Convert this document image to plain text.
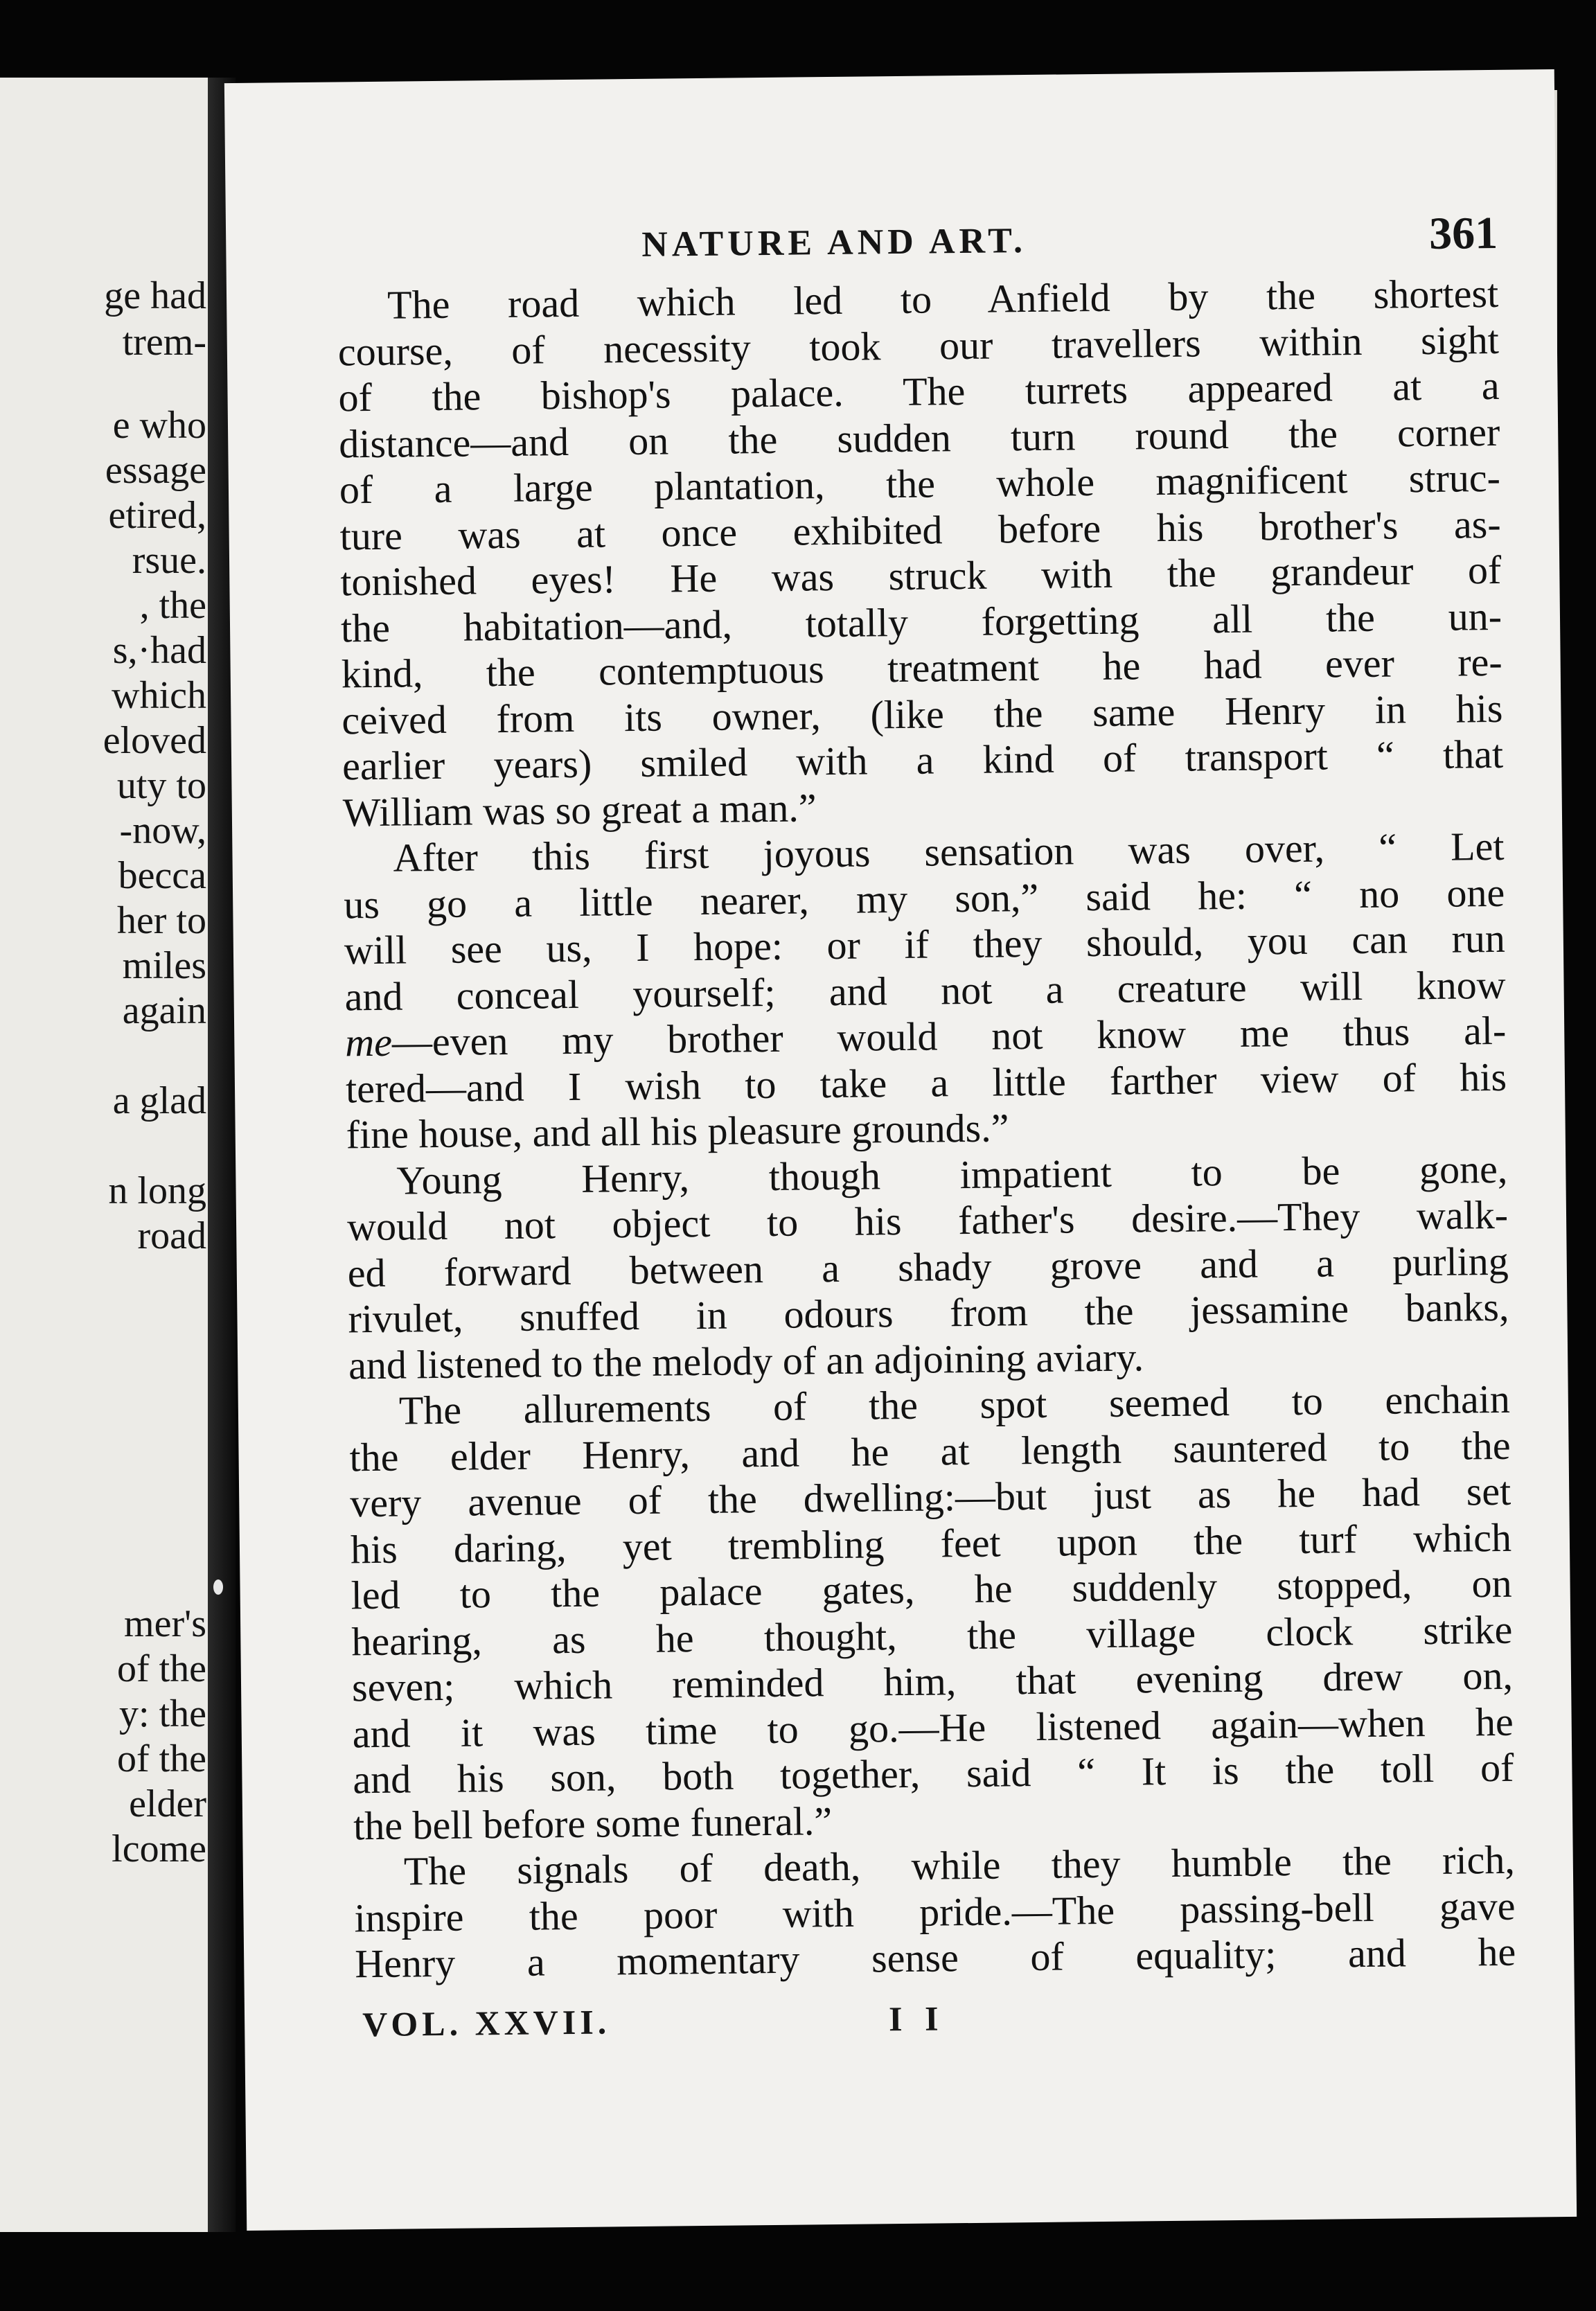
ge had
trem-
e who
essage
etired,
rsue.
, the
s,·had
which
eloved
uty to
-now,
becca
her to
miles
again
a glad
n long
road
mer's
of the
y: the
of the
elder
lcome
NATURE AND ART.	361
The road which led to Anfield by the shortest
course, of necessity took our travellers within sight
of the bishop's palace. The turrets appeared at a
distance—and on the sudden turn round the corner
of a large plantation, the whole magnificent struc-
ture was at once exhibited before his brother's as-
tonished eyes! He was struck with the grandeur of
the habitation—and, totally forgetting all the un-
kind, the contemptuous treatment he had ever re-
ceived from its owner, (like the same Henry in his
earlier years) smiled with a kind of transport “ that
William was so great a man.”
After this first joyous sensation was over, “ Let
us go a little nearer, my son,” said he: “ no one
will see us, I hope: or if they should, you can run
and conceal yourself; and not a creature will know
me—even my brother would not know me thus al-
tered—and I wish to take a little farther view of his
fine house, and all his pleasure grounds.”
Young Henry, though impatient to be gone,
would not object to his father's desire.—They walk-
ed forward between a shady grove and a purling
rivulet, snuffed in odours from the jessamine banks,
and listened to the melody of an adjoining aviary.
The allurements of the spot seemed to enchain
the elder Henry, and he at length sauntered to the
very avenue of the dwelling:—but just as he had set
his daring, yet trembling feet upon the turf which
led to the palace gates, he suddenly stopped, on
hearing, as he thought, the village clock strike
seven; which reminded him, that evening drew on,
and it was time to go.—He listened again—when he
and his son, both together, said “ It is the toll of
the bell before some funeral.”
The signals of death, while they humble the rich,
inspire the poor with pride.—The passing-bell gave
Henry a momentary sense of equality; and he
VOL. XXVII.	I I
